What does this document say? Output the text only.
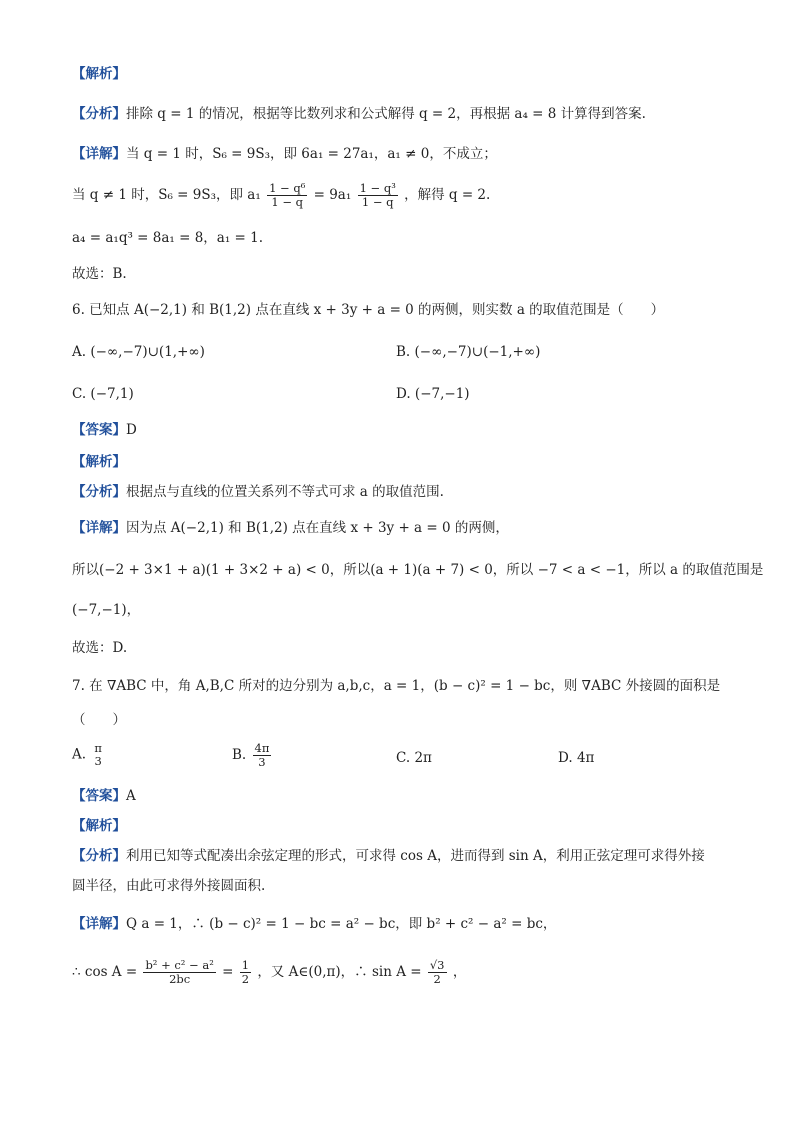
【解析】
【分析】排除 q = 1 的情况，根据等比数列求和公式解得 q = 2，再根据 a₄ = 8 计算得到答案.
【详解】当 q = 1 时，S₆ = 9S₃，即 6a₁ = 27a₁，a₁ ≠ 0，不成立；
当 q ≠ 1 时，S₆ = 9S₃，即 $a_1 \frac{\text{1 − q⁶}}{1 - q} = 9a_1 \frac{\text{1 − q³}}{1 - q}$ ，解得 q = 2.
a₄ = a₁q³ = 8a₁ = 8，a₁ = 1.
故选：B.
6. 已知点 A(−2,1) 和 B(1,2) 点在直线 x + 3y + a = 0 的两侧，则实数 a 的取值范围是（　　）
A. (−∞,−7)∪(1,+∞)	B. (−∞,−7)∪(−1,+∞)
C. (−7,1)	D. (−7,−1)
【答案】D
【解析】
【分析】根据点与直线的位置关系列不等式可求 a 的取值范围.
【详解】因为点 A(−2,1) 和 B(1,2) 点在直线 x + 3y + a = 0 的两侧，
所以(−2 + 3×1 + a)(1 + 3×2 + a) < 0，所以(a + 1)(a + 7) < 0，所以 −7 < a < −1，所以 a 的取值范围是
(−7,−1)，
故选：D.
7. 在 ∇ABC 中，角 A,B,C 所对的边分别为 a,b,c，a = 1，(b − c)² = 1 − bc，则 ∇ABC 外接圆的面积是
（　　）
A. π
3	B. $\frac{4\pi}{3}$	C. 2π	D. 4π
【答案】A
【解析】
【分析】利用已知等式配凑出余弦定理的形式，可求得 cos A，进而得到 sin A，利用正弦定理可求得外接
圆半径，由此可求得外接圆面积.
【详解】Q a = 1，∴ (b − c)² = 1 − bc = a² − bc，即 b² + c² − a² = bc，
∴ $\cos A = \frac{\text{b² + c² − a²}}{2bc} = \frac{1}{2}$ ，又 A∈(0,π)，∴ $\sin A = \frac{√3}{2}$ ，
